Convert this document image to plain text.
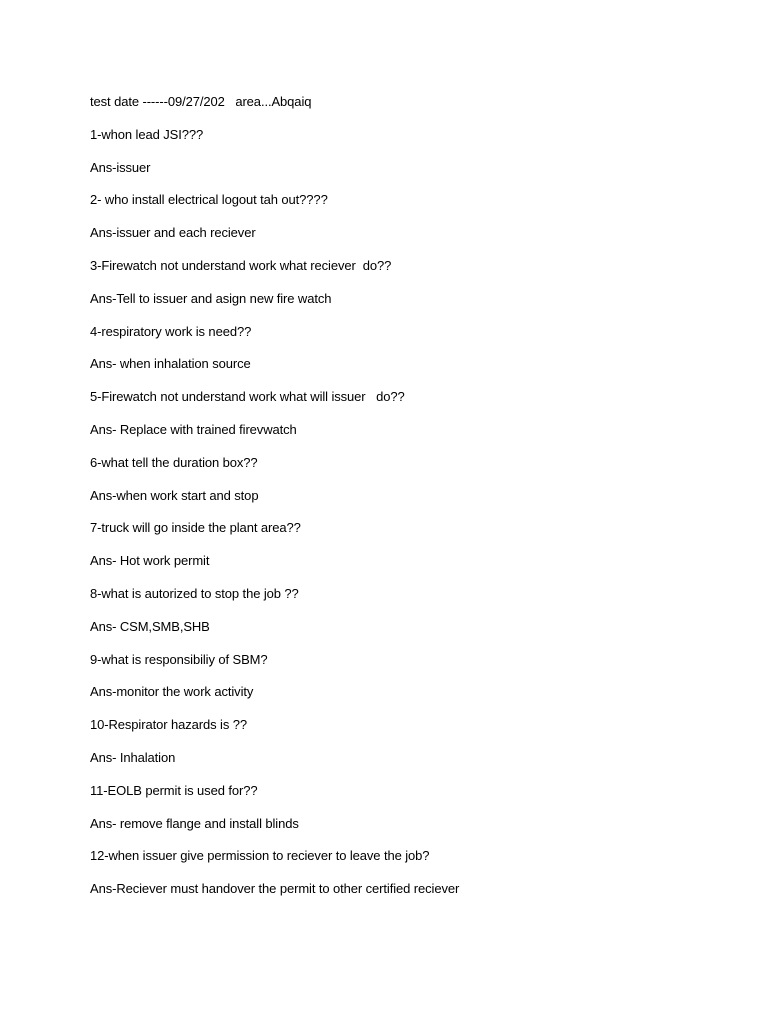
test date ------09/27/202   area...Abqaiq
1-whon lead JSI???
Ans-issuer
2- who install electrical logout tah out????
Ans-issuer and each reciever
3-Firewatch not understand work what reciever  do??
Ans-Tell to issuer and asign new fire watch
4-respiratory work is need??
Ans- when inhalation source
5-Firewatch not understand work what will issuer   do??
Ans- Replace with trained firevwatch
6-what tell the duration box??
Ans-when work start and stop
7-truck will go inside the plant area??
Ans- Hot work permit
8-what is autorized to stop the job ??
Ans- CSM,SMB,SHB
9-what is responsibiliy of SBM?
Ans-monitor the work activity
10-Respirator hazards is ??
Ans- Inhalation
11-EOLB permit is used for??
Ans- remove flange and install blinds
12-when issuer give permission to reciever to leave the job?
Ans-Reciever must handover the permit to other certified reciever
